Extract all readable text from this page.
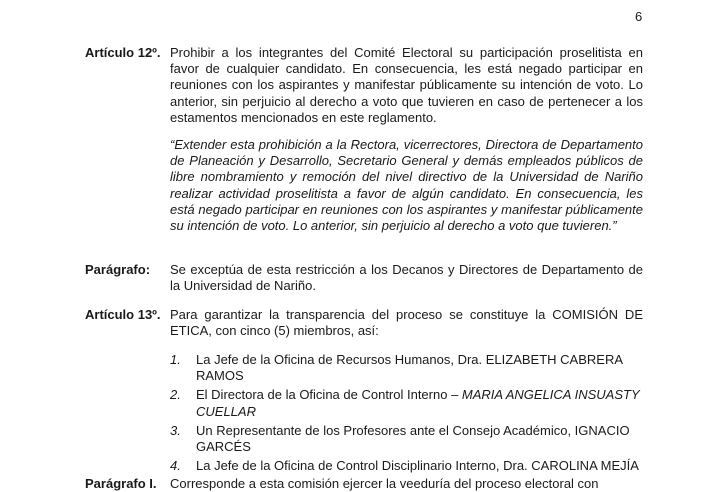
6
Artículo 12º. Prohibir a los integrantes del Comité Electoral su participación proselitista en favor de cualquier candidato. En consecuencia, les está negado participar en reuniones con los aspirantes y manifestar públicamente su intención de voto. Lo anterior, sin perjuicio al derecho a voto que tuvieren en caso de pertenecer a los estamentos mencionados en este reglamento.
“Extender esta prohibición a la Rectora, vicerrectores, Directora de Departamento de Planeación y Desarrollo, Secretario General y demás empleados públicos de libre nombramiento y remoción del nivel directivo de la Universidad de Nariño realizar actividad proselitista a favor de algún candidato. En consecuencia, les está negado participar en reuniones con los aspirantes y manifestar públicamente su intención de voto. Lo anterior, sin perjuicio al derecho a voto que tuvieren.”
Parágrafo: Se exceptúa de esta restricción a los Decanos y Directores de Departamento de la Universidad de Nariño.
Artículo 13º. Para garantizar la transparencia del proceso se constituye la COMISIÓN DE ETICA, con cinco (5) miembros, así:
1. La Jefe de la Oficina de Recursos Humanos, Dra. ELIZABETH CABRERA RAMOS
2. El Directora de la Oficina de Control Interno – MARIA ANGELICA INSUASTY CUELLAR
3. Un Representante de los Profesores ante el Consejo Académico, IGNACIO GARCÉS
4. La Jefe de la Oficina de Control Disciplinario Interno, Dra. CAROLINA MEJÍA
Parágrafo I. Corresponde a esta comisión ejercer la veeduría del proceso electoral con
